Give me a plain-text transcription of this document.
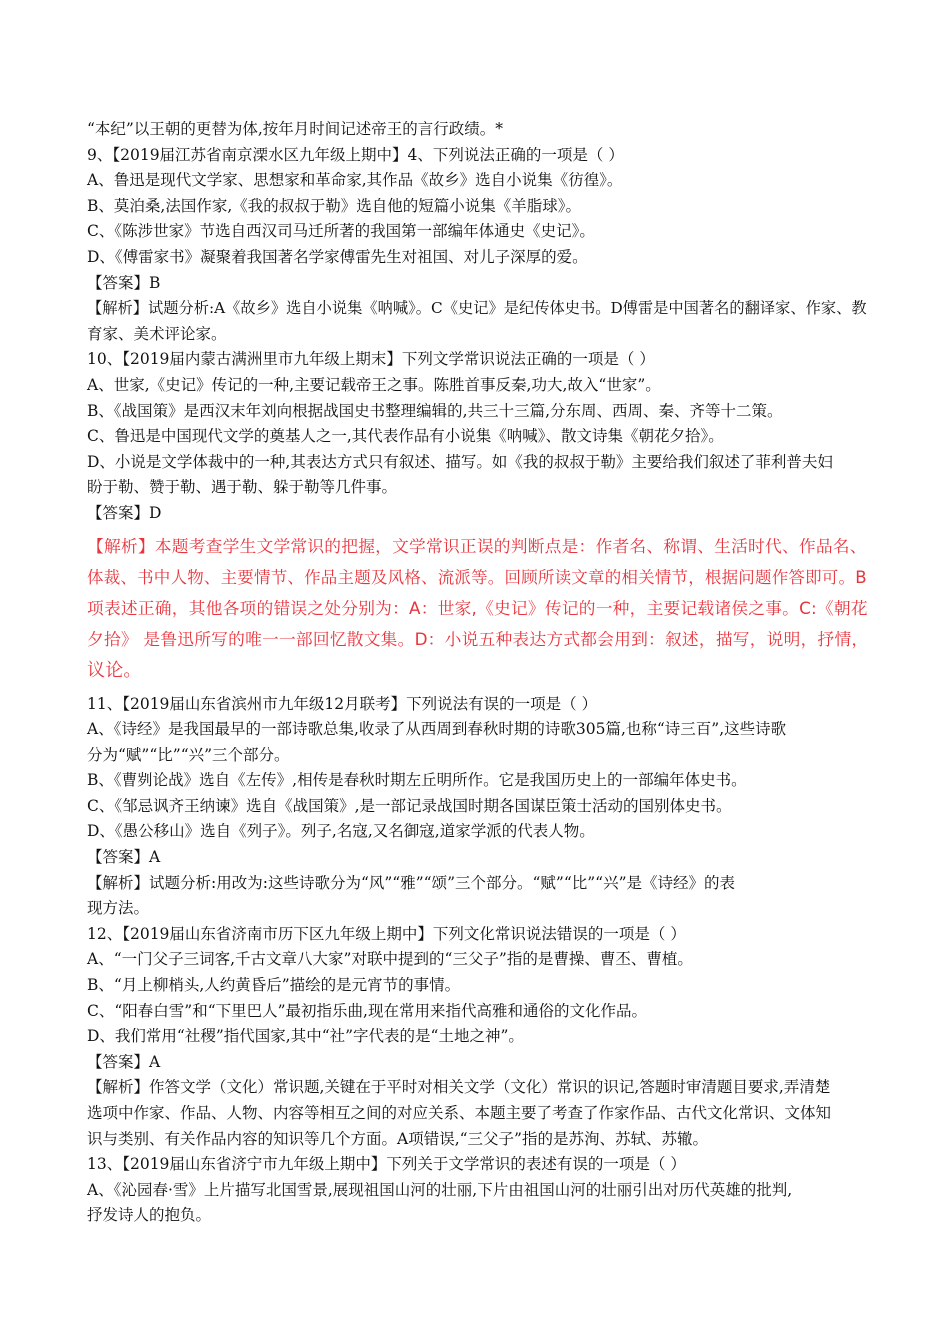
“本纪”以王朝的更替为体,按年月时间记述帝王的言行政绩。*
9、【2019届江苏省南京溧水区九年级上期中】4、下列说法正确的一项是（ ）
A、鲁迅是现代文学家、思想家和革命家,其作品《故乡》选自小说集《彷徨》。
B、莫泊桑,法国作家,《我的叔叔于勒》选自他的短篇小说集《羊脂球》。
C、《陈涉世家》节选自西汉司马迁所著的我国第一部编年体通史《史记》。
D、《傅雷家书》凝聚着我国著名学家傅雷先生对祖国、对儿子深厚的爱。
【答案】B
【解析】试题分析:A《故乡》选自小说集《呐喊》。C《史记》是纪传体史书。D傅雷是中国著名的翻译家、作家、教
育家、美术评论家。
10、【2019届内蒙古满洲里市九年级上期末】下列文学常识说法正确的一项是（ ）
A、世家,《史记》传记的一种,主要记载帝王之事。陈胜首事反秦,功大,故入“世家”。
B、《战国策》是西汉末年刘向根据战国史书整理编辑的,共三十三篇,分东周、西周、秦、齐等十二策。
C、鲁迅是中国现代文学的奠基人之一,其代表作品有小说集《呐喊》、散文诗集《朝花夕拾》。
D、小说是文学体裁中的一种,其表达方式只有叙述、描写。如《我的叔叔于勒》主要给我们叙述了菲利普夫妇
盼于勒、赞于勒、遇于勒、躲于勒等几件事。
【答案】D
【解析】本题考查学生文学常识的把握，文学常识正误的判断点是：作者名、称谓、生活时代、作品名、
体裁、书中人物、主要情节、作品主题及风格、流派等。回顾所读文章的相关情节，根据问题作答即可。B
项表述正确，其他各项的错误之处分别为：A：世家,《史记》传记的一种，主要记载诸侯之事。C:《朝花
夕拾》 是鲁迅所写的唯一一部回忆散文集。D：小说五种表达方式都会用到：叙述，描写，说明，抒情，
议论。
11、【2019届山东省滨州市九年级12月联考】下列说法有误的一项是（ ）
A、《诗经》是我国最早的一部诗歌总集,收录了从西周到春秋时期的诗歌305篇,也称“诗三百”,这些诗歌
分为“赋”“比”“兴”三个部分。
B、《曹刿论战》选自《左传》,相传是春秋时期左丘明所作。它是我国历史上的一部编年体史书。
C、《邹忌讽齐王纳谏》选自《战国策》,是一部记录战国时期各国谋臣策士活动的国别体史书。
D、《愚公移山》选自《列子》。列子,名寇,又名御寇,道家学派的代表人物。
【答案】A
【解析】试题分析:用改为:这些诗歌分为“风”“雅”“颂”三个部分。“赋”“比”“兴”是《诗经》的表
现方法。
12、【2019届山东省济南市历下区九年级上期中】下列文化常识说法错误的一项是（ ）
A、“一门父子三词客,千古文章八大家”对联中提到的“三父子”指的是曹操、曹丕、曹植。
B、“月上柳梢头,人约黄昏后”描绘的是元宵节的事情。
C、“阳春白雪”和“下里巴人”最初指乐曲,现在常用来指代高雅和通俗的文化作品。
D、我们常用“社稷”指代国家,其中“社”字代表的是“土地之神”。
【答案】A
【解析】作答文学（文化）常识题,关键在于平时对相关文学（文化）常识的识记,答题时审清题目要求,弄清楚
选项中作家、作品、人物、内容等相互之间的对应关系、本题主要了考查了作家作品、古代文化常识、文体知
识与类别、有关作品内容的知识等几个方面。A项错误,“三父子”指的是苏洵、苏轼、苏辙。
13、【2019届山东省济宁市九年级上期中】下列关于文学常识的表述有误的一项是（ ）
A、《沁园春·雪》上片描写北国雪景,展现祖国山河的壮丽,下片由祖国山河的壮丽引出对历代英雄的批判,
抒发诗人的抱负。
